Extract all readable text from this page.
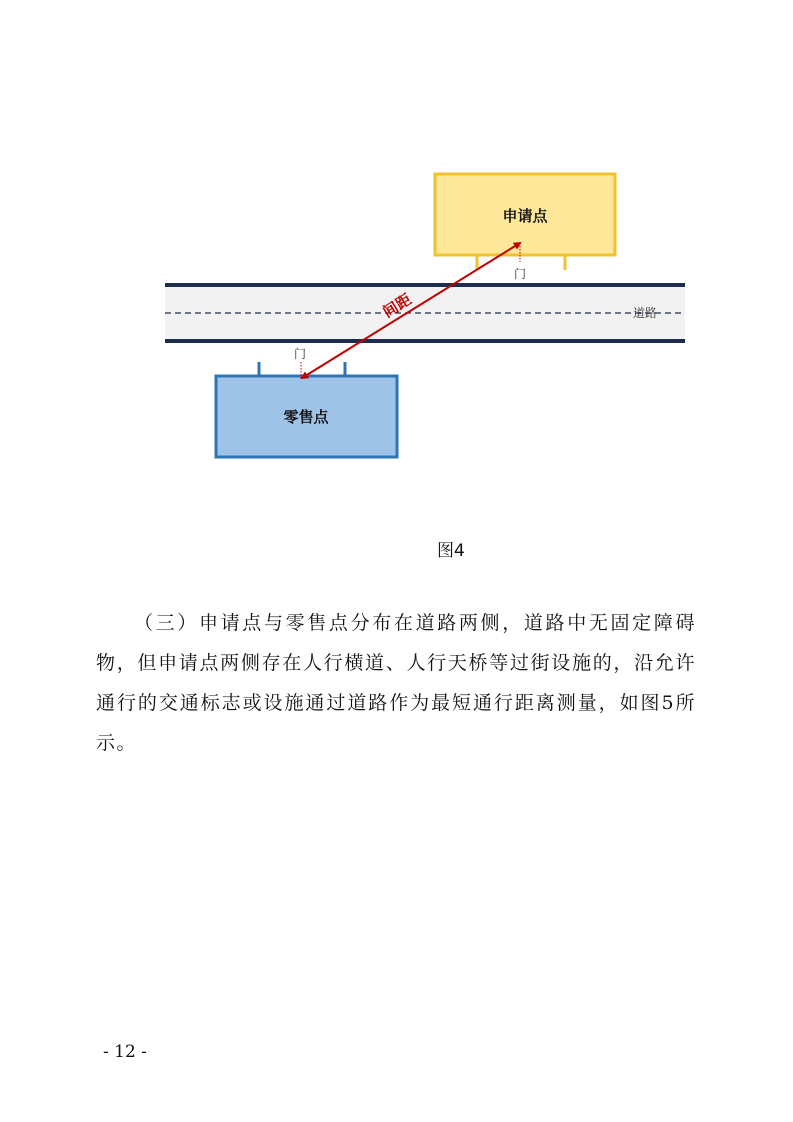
道路
申请点
门
零售点
门
间距
图4
（三）申请点与零售点分布在道路两侧，道路中无固定障碍物，但申请点两侧存在人行横道、人行天桥等过街设施的，沿允许通行的交通标志或设施通过道路作为最短通行距离测量，如图5所示。
- 12 -
